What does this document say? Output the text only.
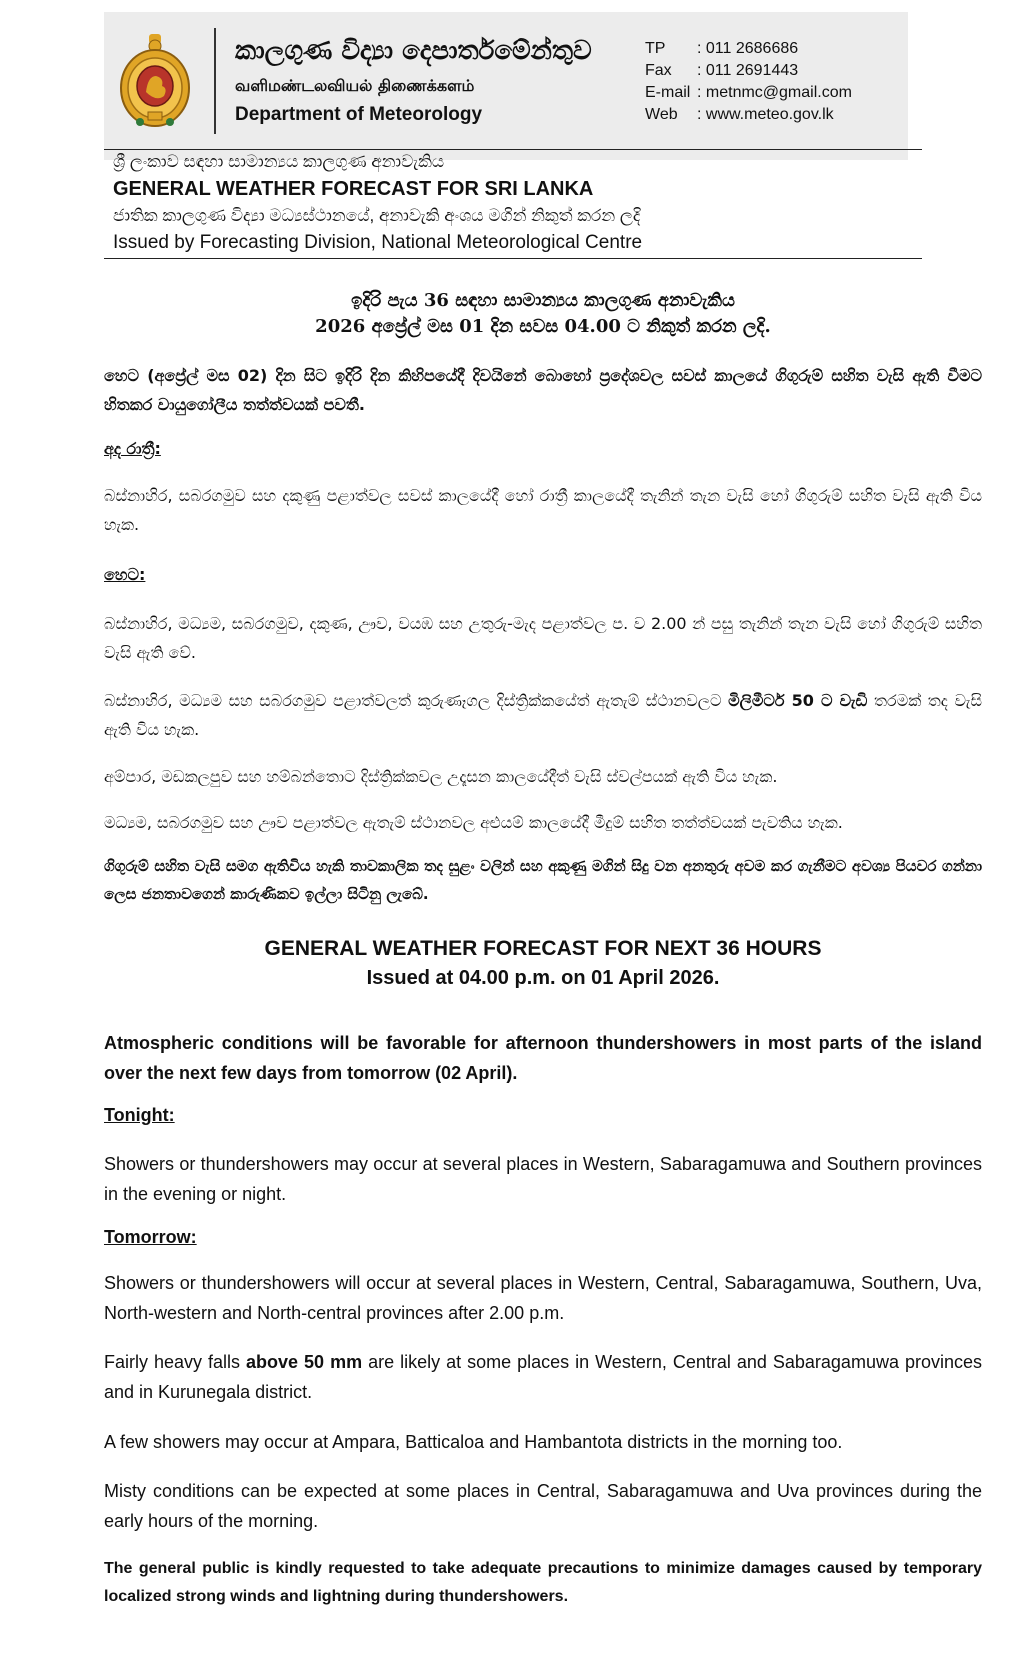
කාලගුණ විද්‍යා දෙපාර්තමේන්තුව
வளிமண்டலவியல் திணைக்களம்
Department of Meteorology
TP	: 011 2686686
Fax	: 011 2691443
E-mail : metnmc@gmail.com
Web	: www.meteo.gov.lk
ශ්‍රී ලංකාව සඳහා සාමාන්‍යය කාලගුණ අනාවැකිය
GENERAL WEATHER FORECAST FOR SRI LANKA
ජාතික කාලගුණ විද්‍යා මධ්‍යස්ථානයේ, අනාවැකි අංශය මගින් නිකුත් කරන ලදි
Issued by Forecasting Division, National Meteorological Centre

ඉදිරි පැය 36 සඳහා සාමාන්‍යය කාලගුණ අනාවැකිය

2026 අප්‍රේල් මස 01 දින සවස 04.00 ට නිකුත් කරන ලදි.

හෙට (අප්‍රේල් මස 02) දින සිට ඉදිරි දින කිහිපයේදී දිවයිනේ බොහෝ ප්‍රදේශවල සවස් කාලයේ ගිගුරුම් සහිත වැසි ඇති වීමට හිතකර වායුගෝලීය තත්ත්වයක් පවතී.

අද රාත්‍රී:

බස්නාහිර, සබරගමුව සහ දකුණු පළාත්වල සවස් කාලයේදී හෝ රාත්‍රී කාලයේදී තැනින් තැන වැසි හෝ ගිගුරුම් සහිත වැසි ඇති විය හැක.

හෙට:

බස්නාහිර, මධ්‍යම, සබරගමුව, දකුණ, ඌව, වයඹ සහ උතුරු-මැද පළාත්වල ප. ව 2.00 න් පසු තැනින් තැන වැසි හෝ ගිගුරුම් සහිත වැසි ඇති වේ.

බස්නාහිර, මධ්‍යම සහ සබරගමුව පළාත්වලත් කුරුණෑගල දිස්ත්‍රික්කයේත් ඇතැම් ස්ථානවලට මිලිමීටර් 50 ට වැඩි තරමක් තද වැසි ඇති විය හැක.

අම්පාර, මඩකලපුව සහ හම්බන්තොට දිස්ත්‍රික්කවල උදෑසන කාලයේදීත් වැසි ස්වල්පයක් ඇති විය හැක.

මධ්‍යම, සබරගමුව සහ ඌව පළාත්වල ඇතැම් ස්ථානවල අළුයම් කාලයේදී මීදුම් සහිත තත්ත්වයක් පැවතිය හැක.

ගිගුරුම් සහිත වැසි සමග ඇතිවිය හැකි තාවකාලික තද සුළං වලින් සහ අකුණු මගින් සිදු වන අනතුරු අවම කර ගැනීමට අවශ්‍ය පියවර ගන්නා ලෙස ජනතාවගෙන් කාරුණිකව ඉල්ලා සිටිනු ලැබේ.

GENERAL WEATHER FORECAST FOR NEXT 36 HOURS

Issued at 04.00 p.m. on 01 April 2026.

Atmospheric conditions will be favorable for afternoon thundershowers in most parts of the island over the next few days from tomorrow (02 April).

Tonight:

Showers or thundershowers may occur at several places in Western, Sabaragamuwa and Southern provinces in the evening or night.

Tomorrow:

Showers or thundershowers will occur at several places in Western, Central, Sabaragamuwa, Southern, Uva, North-western and North-central provinces after 2.00 p.m.

Fairly heavy falls above 50 mm are likely at some places in Western, Central and Sabaragamuwa provinces and in Kurunegala district.

A few showers may occur at Ampara, Batticaloa and Hambantota districts in the morning too.

Misty conditions can be expected at some places in Central, Sabaragamuwa and Uva provinces during the early hours of the morning.

The general public is kindly requested to take adequate precautions to minimize damages caused by temporary localized strong winds and lightning during thundershowers.
